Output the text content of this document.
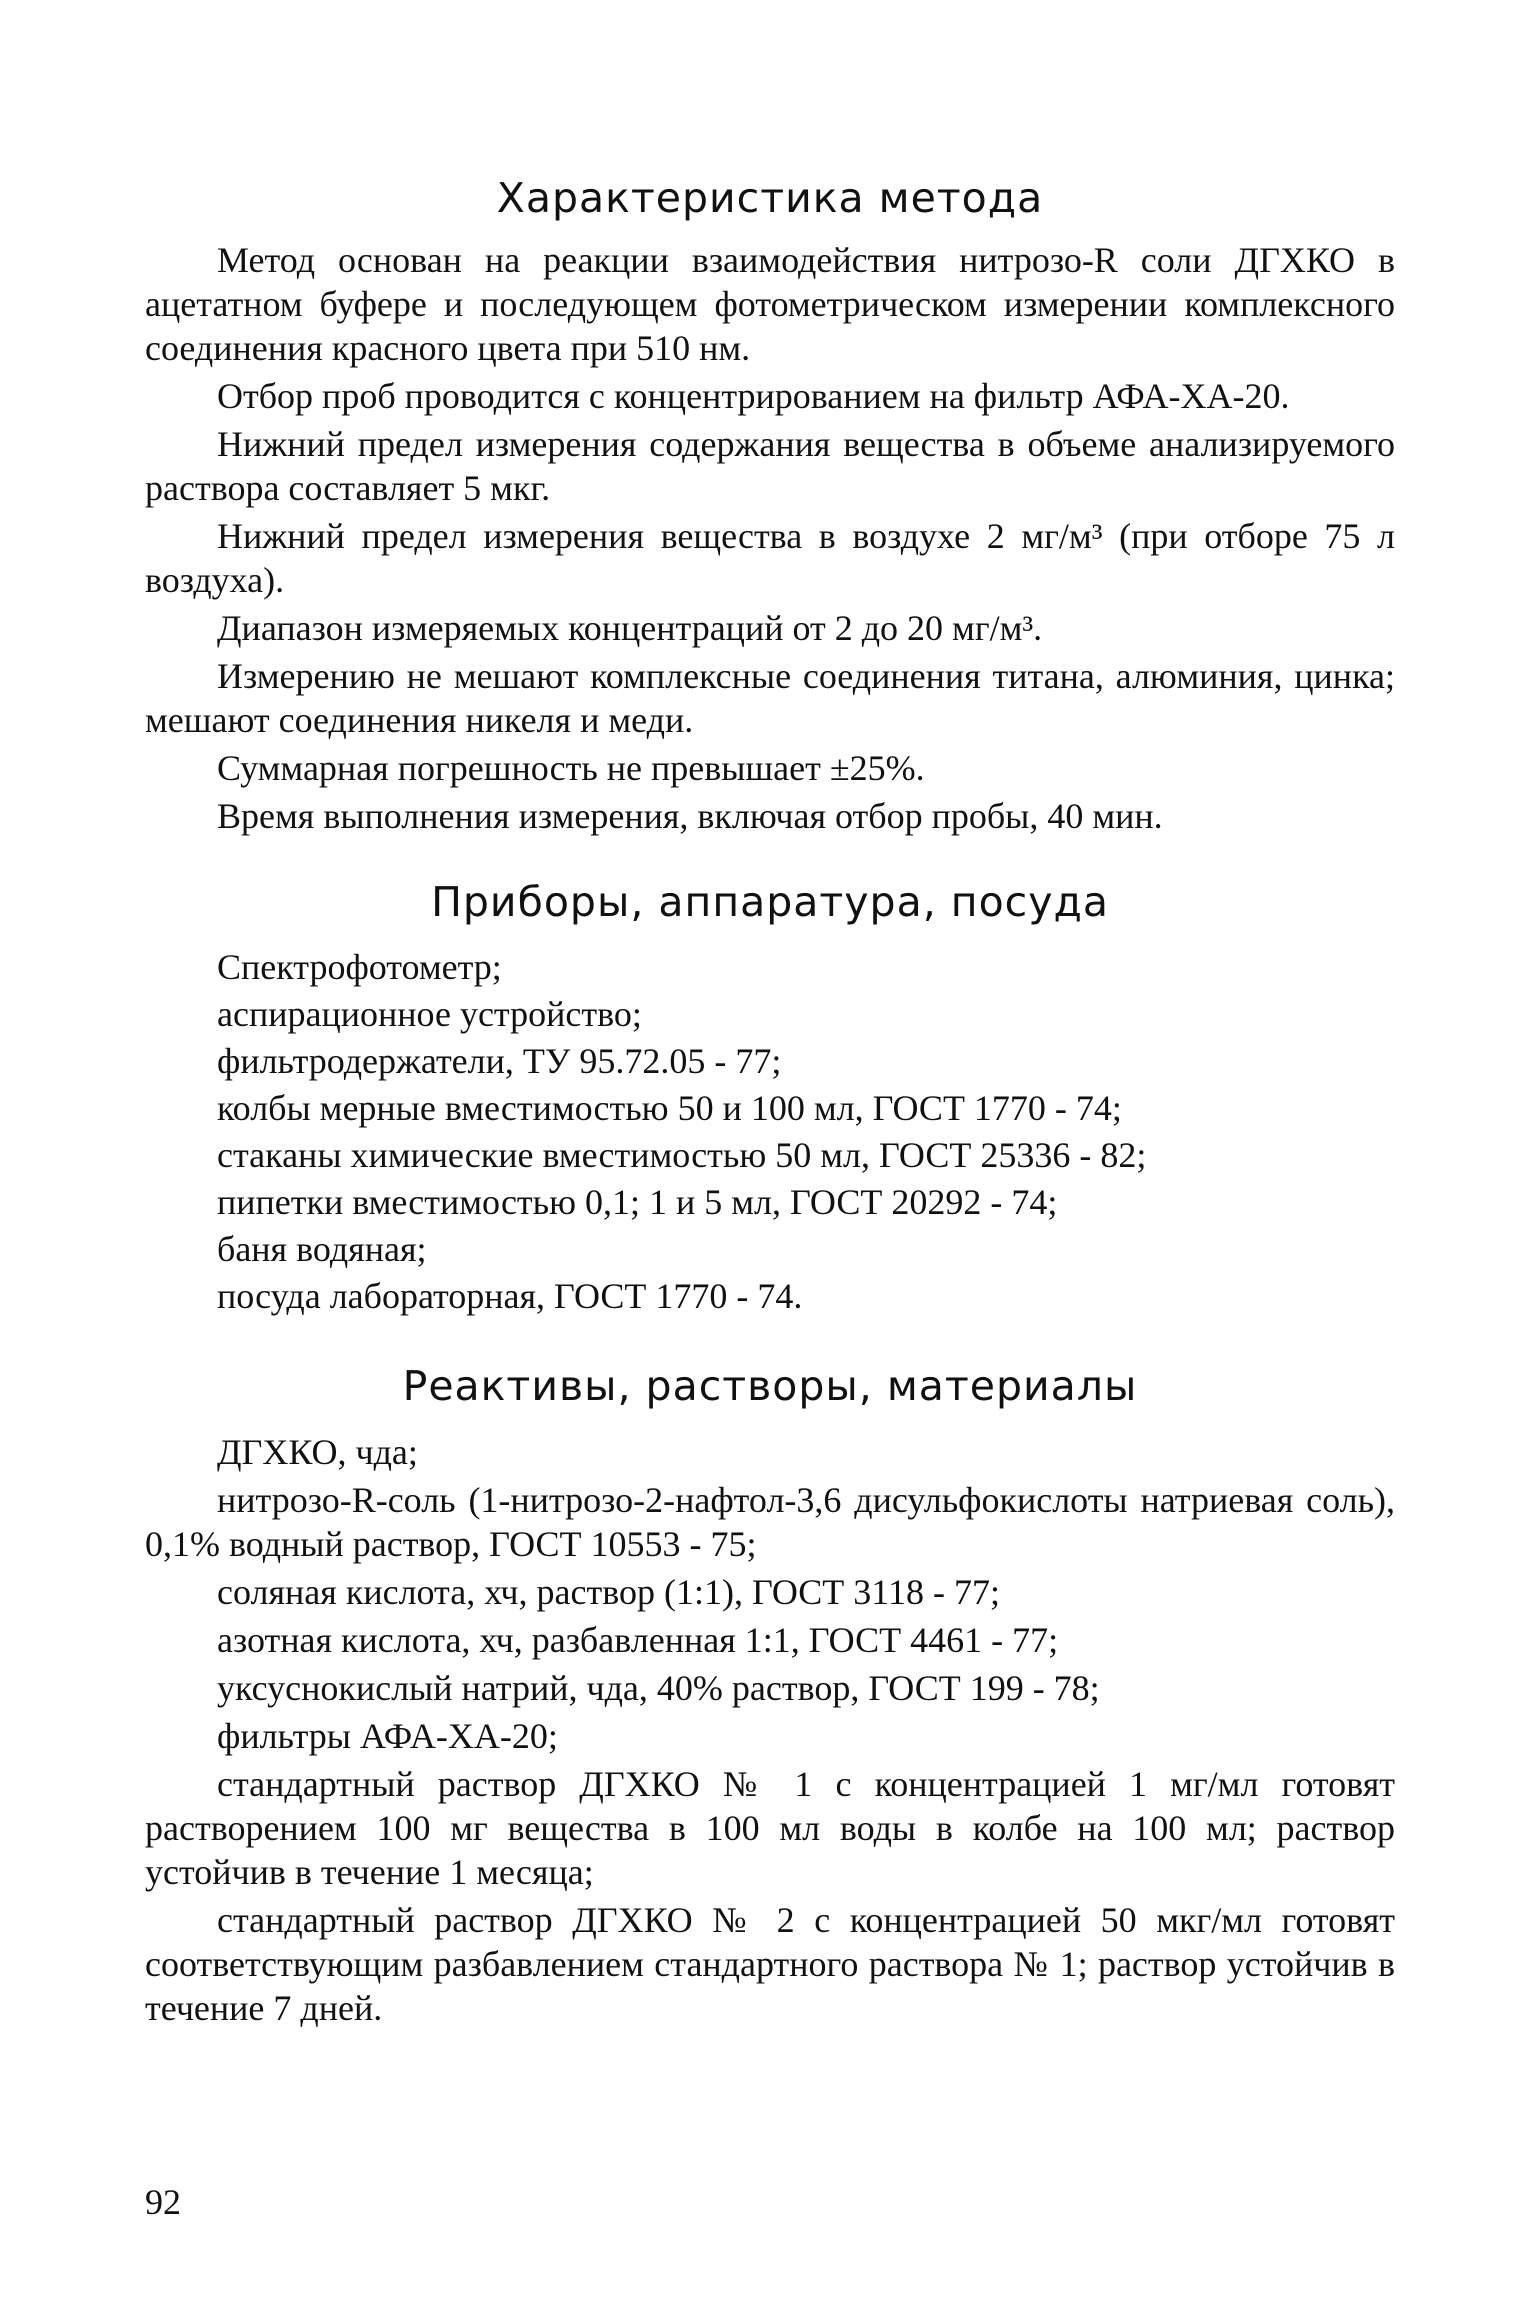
Характеристика метода

Метод основан на реакции взаимодействия нитрозо-R соли ДГХКО в ацетатном буфере и последующем фотометрическом измерении комплексного соединения красного цвета при 510 нм.

Отбор проб проводится с концентрированием на фильтр АФА-ХА-20.

Нижний предел измерения содержания вещества в объеме анализируемого раствора составляет 5 мкг.

Нижний предел измерения вещества в воздухе 2 мг/м³ (при отборе 75 л воздуха).

Диапазон измеряемых концентраций от 2 до 20 мг/м³.

Измерению не мешают комплексные соединения титана, алюминия, цинка; мешают соединения никеля и меди.

Суммарная погрешность не превышает ±25%.

Время выполнения измерения, включая отбор пробы, 40 мин.

Приборы, аппаратура, посуда
Спектрофотометр;
аспирационное устройство;
фильтродержатели, ТУ 95.72.05 - 77;
колбы мерные вместимостью 50 и 100 мл, ГОСТ 1770 - 74;
стаканы химические вместимостью 50 мл, ГОСТ 25336 - 82;
пипетки вместимостью 0,1; 1 и 5 мл, ГОСТ 20292 - 74;
баня водяная;
посуда лабораторная, ГОСТ 1770 - 74.
Реактивы, растворы, материалы

ДГХКО, чда;

нитрозо-R-соль (1-нитрозо-2-нафтол-3,6 дисульфокислоты натриевая соль), 0,1% водный раствор, ГОСТ 10553 - 75;

соляная кислота, хч, раствор (1:1), ГОСТ 3118 - 77;

азотная кислота, хч, разбавленная 1:1, ГОСТ 4461 - 77;

уксуснокислый натрий, чда, 40% раствор, ГОСТ 199 - 78;

фильтры АФА-ХА-20;

стандартный раствор ДГХКО № 1 с концентрацией 1 мг/мл готовят растворением 100 мг вещества в 100 мл воды в колбе на 100 мл; раствор устойчив в течение 1 месяца;

стандартный раствор ДГХКО № 2 с концентрацией 50 мкг/мл готовят соответствующим разбавлением стандартного раствора № 1; раствор устойчив в течение 7 дней.

92
